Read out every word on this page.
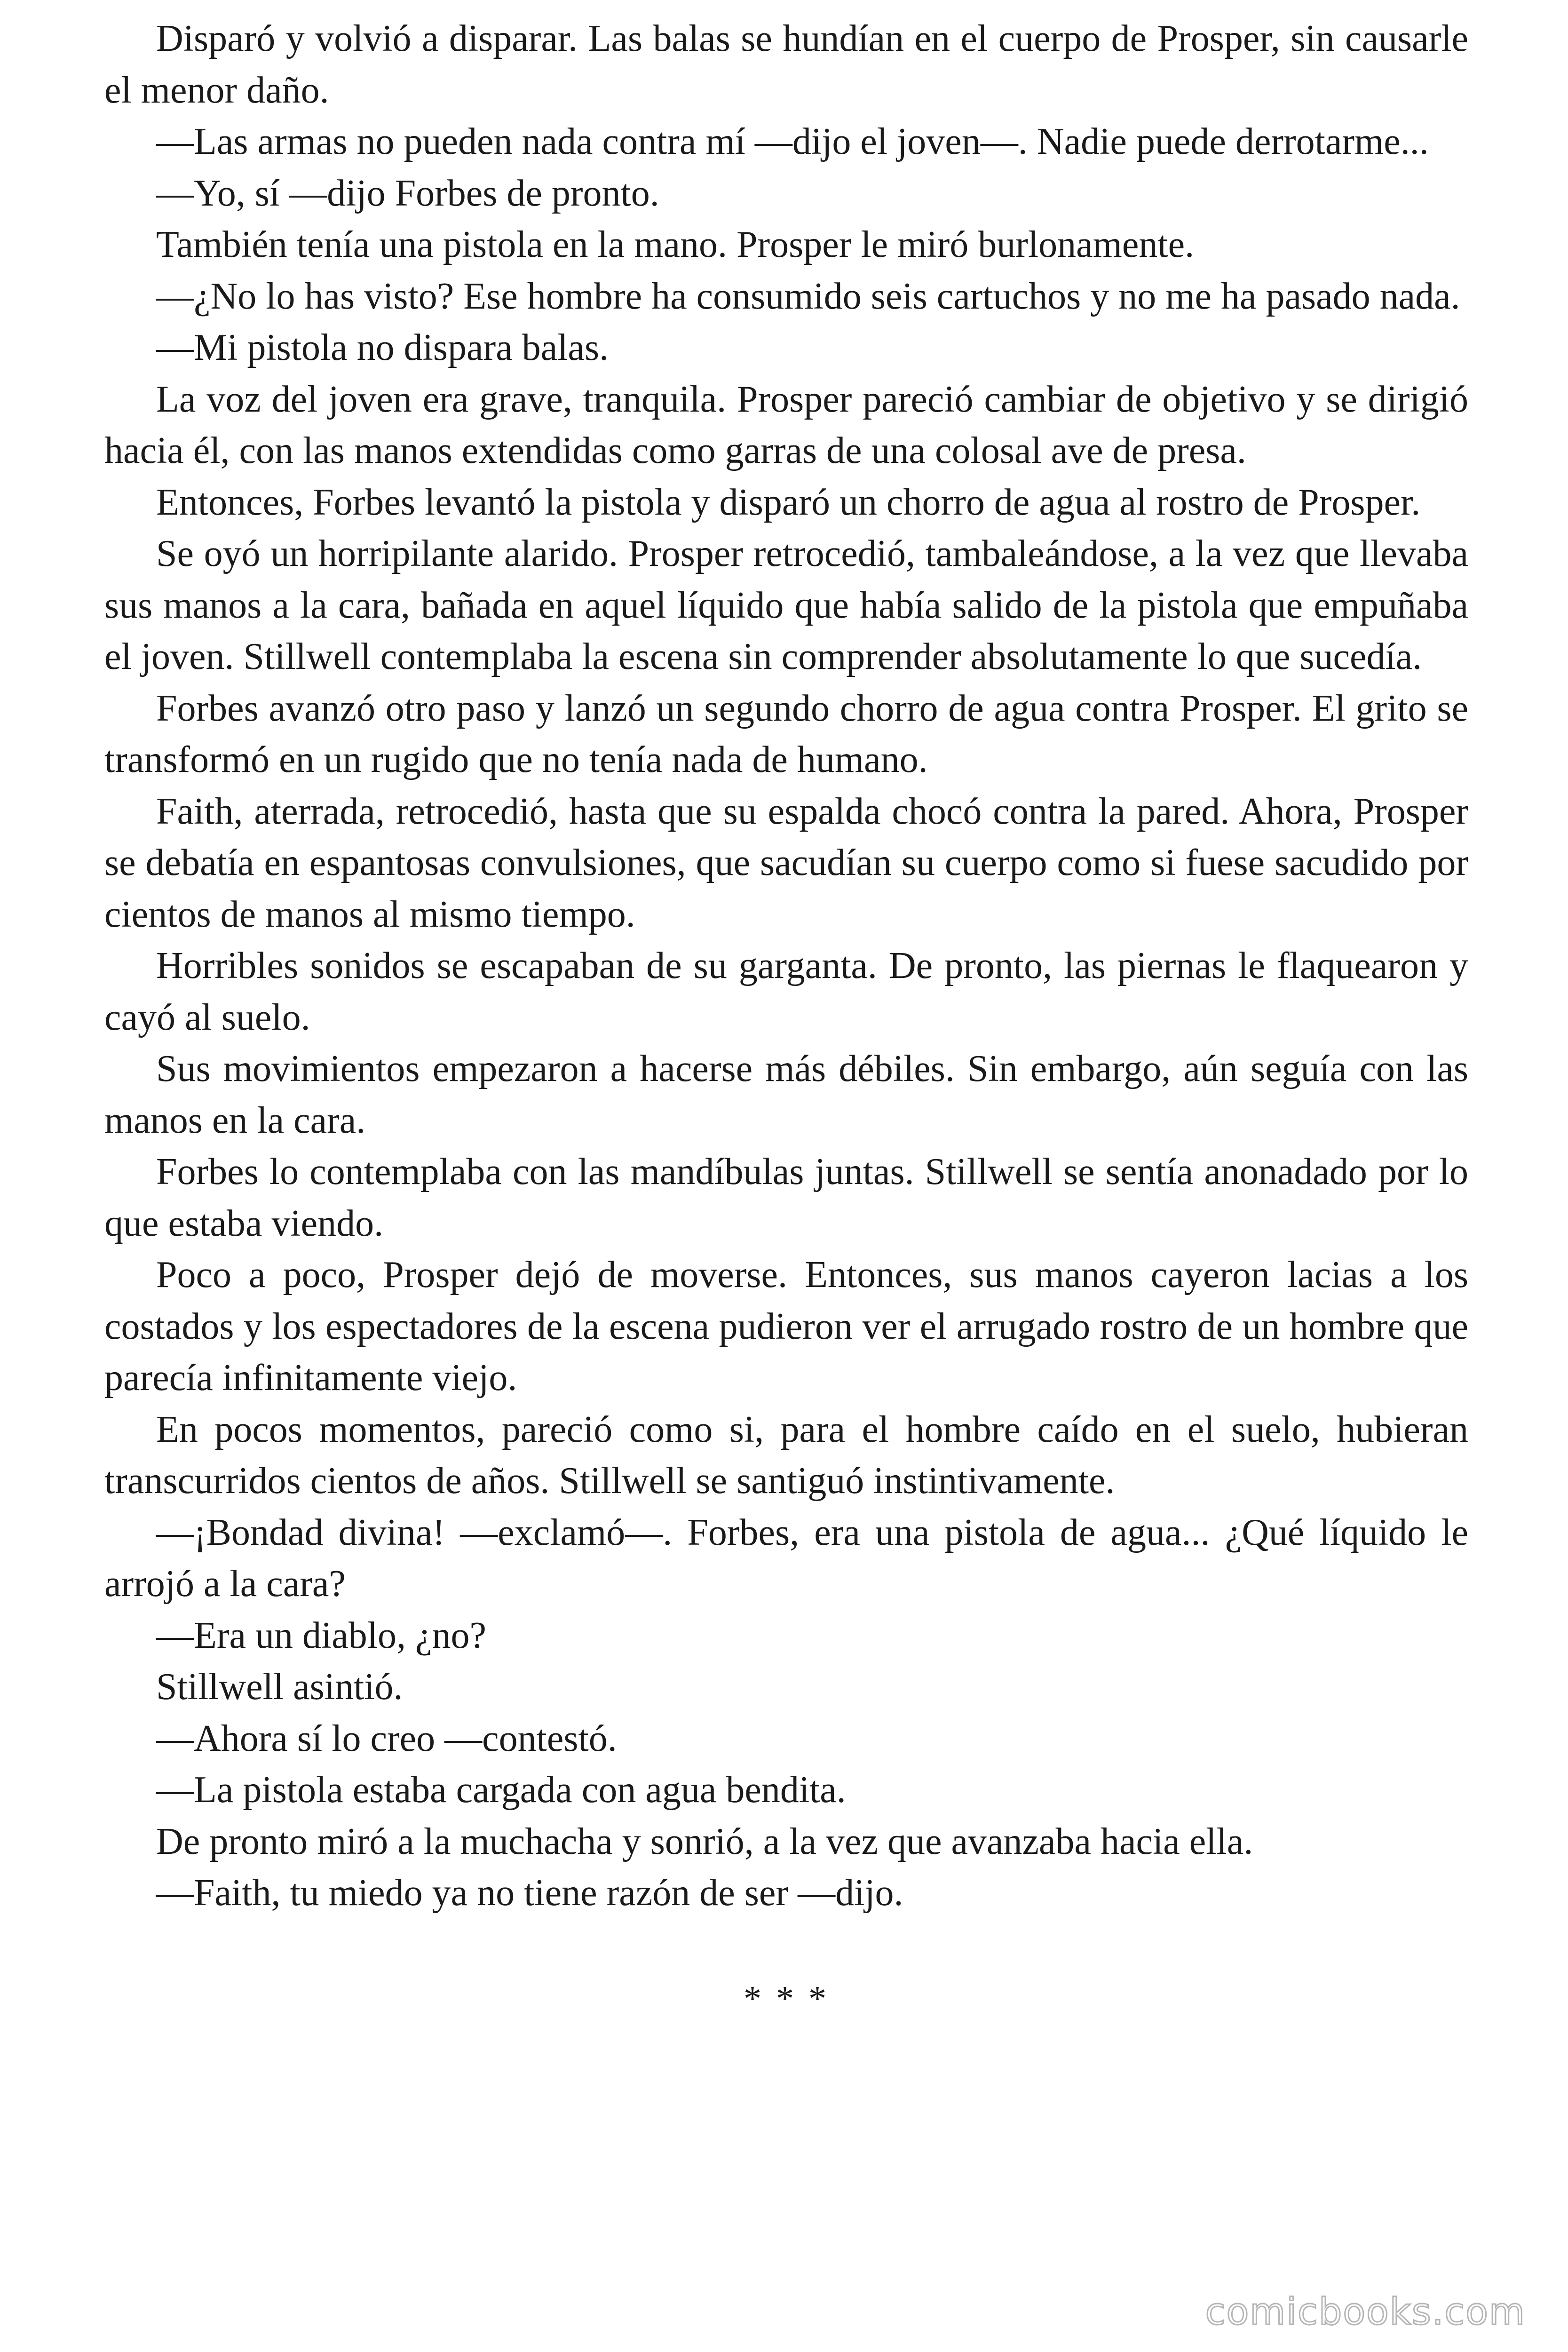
Disparó y volvió a disparar. Las balas se hundían en el cuerpo de Prosper, sin causarle el menor daño.

—Las armas no pueden nada contra mí —dijo el joven—. Nadie puede derrotarme...

—Yo, sí —dijo Forbes de pronto.

También tenía una pistola en la mano. Prosper le miró burlonamente.

—¿No lo has visto? Ese hombre ha consumido seis cartuchos y no me ha pasado nada.

—Mi pistola no dispara balas.

La voz del joven era grave, tranquila. Prosper pareció cambiar de objetivo y se dirigió hacia él, con las manos extendidas como garras de una colosal ave de presa.

Entonces, Forbes levantó la pistola y disparó un chorro de agua al rostro de Prosper.

Se oyó un horripilante alarido. Prosper retrocedió, tambaleándose, a la vez que llevaba sus manos a la cara, bañada en aquel líquido que había salido de la pistola que empuñaba el joven. Stillwell contemplaba la escena sin comprender absolutamente lo que sucedía.

Forbes avanzó otro paso y lanzó un segundo chorro de agua contra Prosper. El grito se transformó en un rugido que no tenía nada de humano.

Faith, aterrada, retrocedió, hasta que su espalda chocó contra la pared. Ahora, Prosper se debatía en espantosas convulsiones, que sacudían su cuerpo como si fuese sacudido por cientos de manos al mismo tiempo.

Horribles sonidos se escapaban de su garganta. De pronto, las piernas le flaquearon y cayó al suelo.

Sus movimientos empezaron a hacerse más débiles. Sin embargo, aún seguía con las manos en la cara.

Forbes lo contemplaba con las mandíbulas juntas. Stillwell se sentía anonadado por lo que estaba viendo.

Poco a poco, Prosper dejó de moverse. Entonces, sus manos cayeron lacias a los costados y los espectadores de la escena pudieron ver el arrugado rostro de un hombre que parecía infinitamente viejo.

En pocos momentos, pareció como si, para el hombre caído en el suelo, hubieran transcurridos cientos de años. Stillwell se santiguó instintivamente.

—¡Bondad divina! —exclamó—. Forbes, era una pistola de agua... ¿Qué líquido le arrojó a la cara?

—Era un diablo, ¿no?

Stillwell asintió.

—Ahora sí lo creo —contestó.

—La pistola estaba cargada con agua bendita.

De pronto miró a la muchacha y sonrió, a la vez que avanzaba hacia ella.

—Faith, tu miedo ya no tiene razón de ser —dijo.

* * *
comicbooks.com
